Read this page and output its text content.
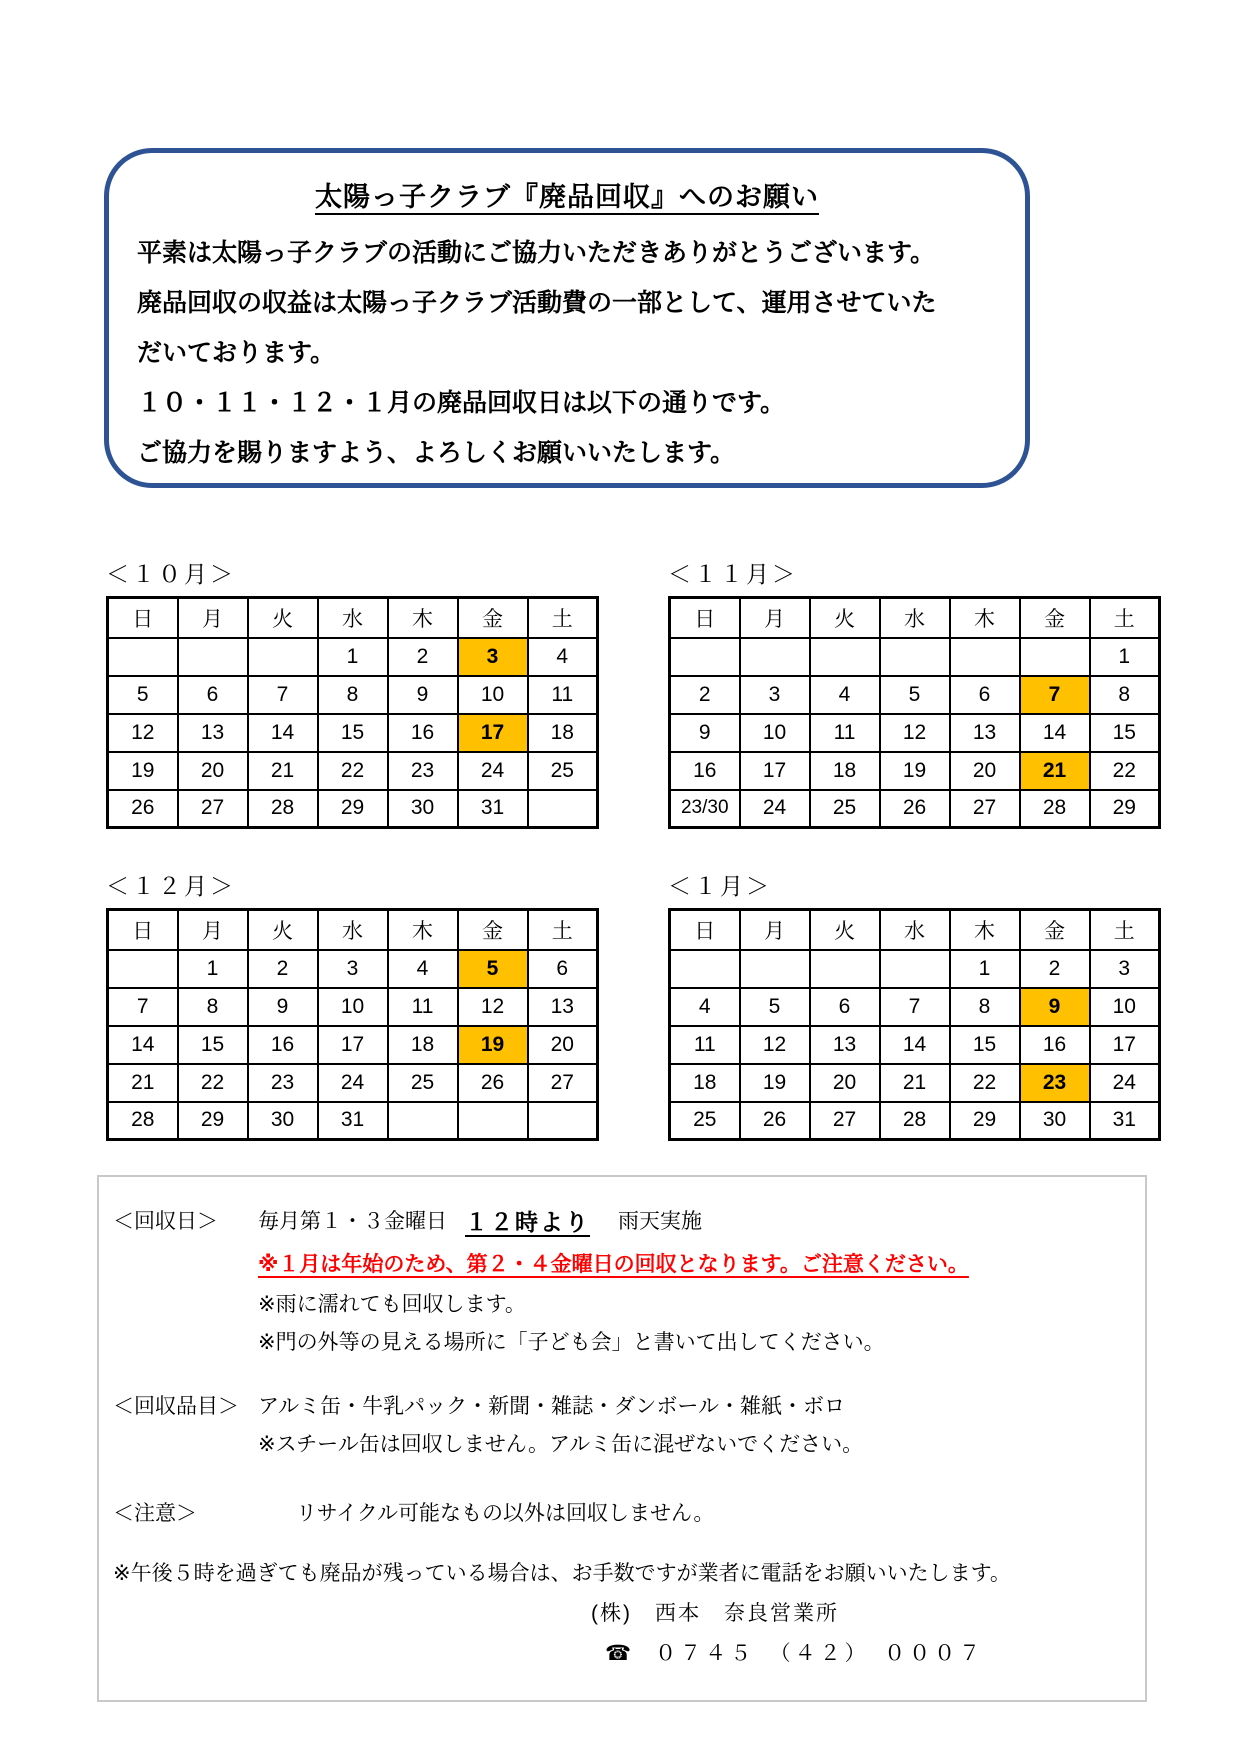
太陽っ子クラブ『廃品回収』へのお願い
平素は太陽っ子クラブの活動にご協力いただきありがとうございます。
廃品回収の収益は太陽っ子クラブ活動費の一部として、運用させていた
だいております。
１０・１１・１２・１月の廃品回収日は以下の通りです。
ご協力を賜りますよう、よろしくお願いいたします。
＜１０月＞
日	月	火	水	木	金	土
			1	2	3	4
5	6	7	8	9	10	11
12	13	14	15	16	17	18
19	20	21	22	23	24	25
26	27	28	29	30	31	
＜１１月＞
日	月	火	水	木	金	土
						1
2	3	4	5	6	7	8
9	10	11	12	13	14	15
16	17	18	19	20	21	22
23/30	24	25	26	27	28	29
＜１２月＞
日	月	火	水	木	金	土
	1	2	3	4	5	6
7	8	9	10	11	12	13
14	15	16	17	18	19	20
21	22	23	24	25	26	27
28	29	30	31			
＜１月＞
日	月	火	水	木	金	土
				1	2	3
4	5	6	7	8	9	10
11	12	13	14	15	16	17
18	19	20	21	22	23	24
25	26	27	28	29	30	31
＜回収日＞	毎月第１・３金曜日 １２時より 雨天実施
※１月は年始のため、第２・４金曜日の回収となります。ご注意ください。
※雨に濡れても回収します。
※門の外等の見える場所に「子ども会」と書いて出してください。
＜回収品目＞ アルミ缶・牛乳パック・新聞・雑誌・ダンボール・雑紙・ボロ
※スチール缶は回収しません。アルミ缶に混ぜないでください。
＜注意＞	リサイクル可能なもの以外は回収しません。
※午後５時を過ぎても廃品が残っている場合は、お手数ですが業者に電話をお願いいたします。
(株)　西本　奈良営業所
☎ ０７４５　（４２）　０００７
